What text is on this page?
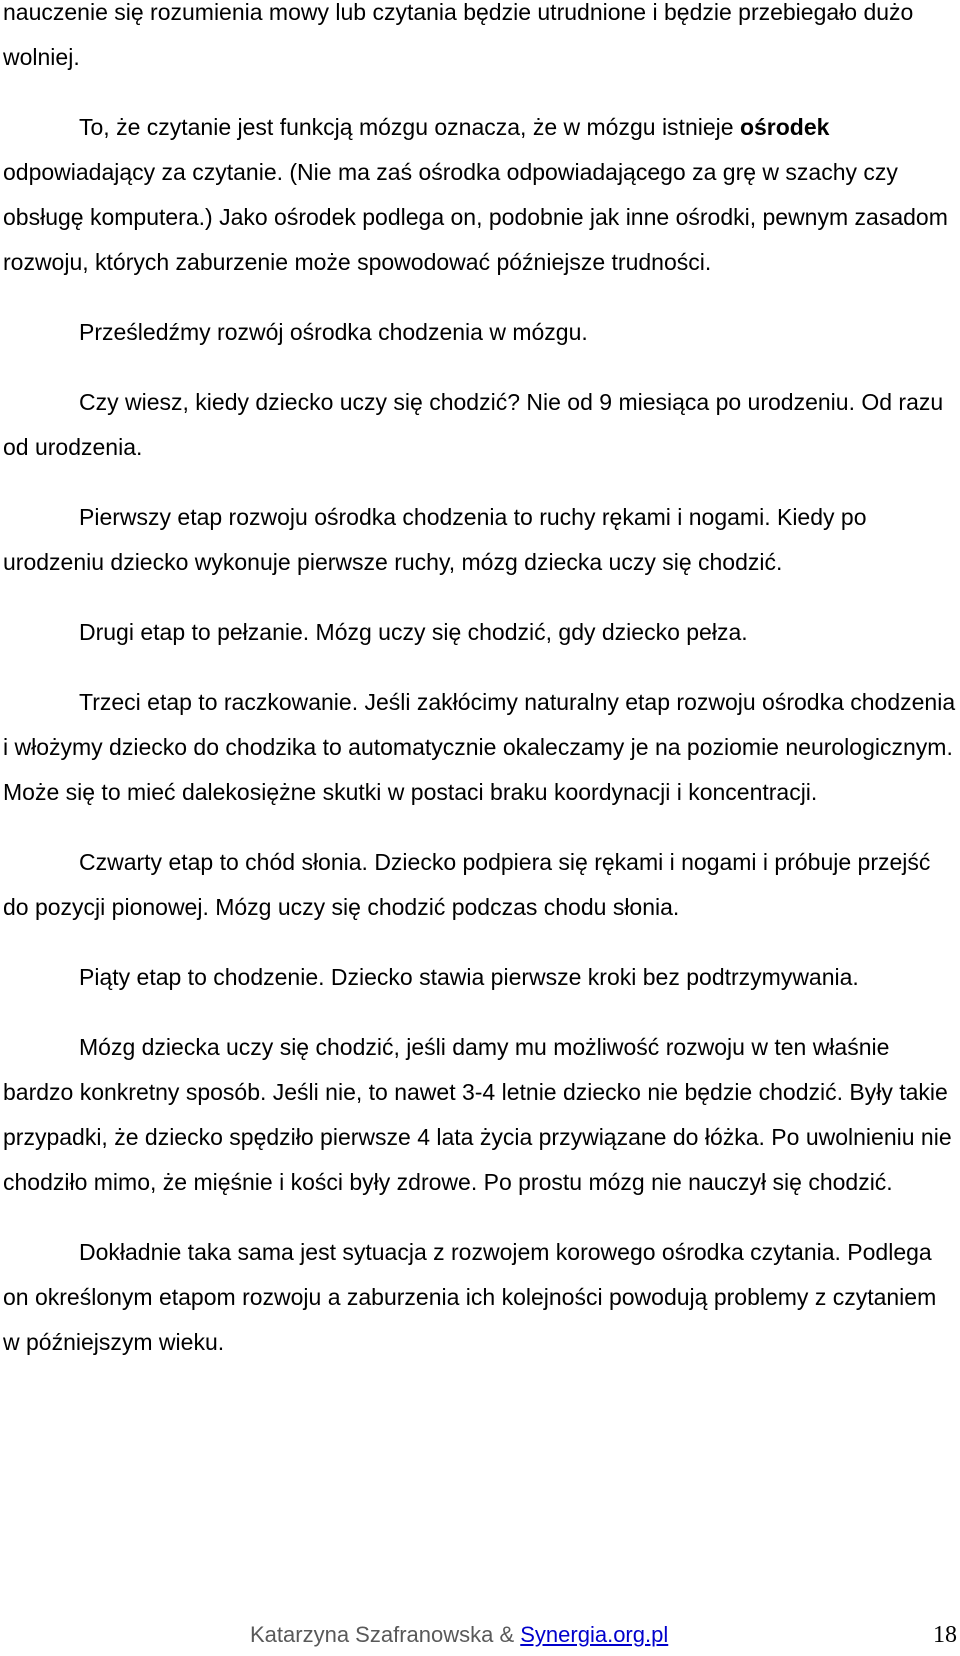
nauczenie się rozumienia mowy lub czytania będzie utrudnione i będzie przebiegało dużo wolniej.

To, że czytanie jest funkcją mózgu oznacza, że w mózgu istnieje ośrodek odpowiadający za czytanie. (Nie ma zaś ośrodka odpowiadającego za grę w szachy czy obsługę komputera.) Jako ośrodek podlega on, podobnie jak inne ośrodki, pewnym zasadom rozwoju, których zaburzenie może spowodować późniejsze trudności.

Prześledźmy rozwój ośrodka chodzenia w mózgu.

Czy wiesz, kiedy dziecko uczy się chodzić? Nie od 9 miesiąca po urodzeniu. Od razu od urodzenia.

Pierwszy etap rozwoju ośrodka chodzenia to ruchy rękami i nogami. Kiedy po urodzeniu dziecko wykonuje pierwsze ruchy, mózg dziecka uczy się chodzić.

Drugi etap to pełzanie. Mózg uczy się chodzić, gdy dziecko pełza.

Trzeci etap to raczkowanie. Jeśli zakłócimy naturalny etap rozwoju ośrodka chodzenia i włożymy dziecko do chodzika to automatycznie okaleczamy je na poziomie neurologicznym. Może się to mieć dalekosiężne skutki w postaci braku koordynacji i koncentracji.

Czwarty etap to chód słonia. Dziecko podpiera się rękami i nogami i próbuje przejść do pozycji pionowej. Mózg uczy się chodzić podczas chodu słonia.

Piąty etap to chodzenie. Dziecko stawia pierwsze kroki bez podtrzymywania.

Mózg dziecka uczy się chodzić, jeśli damy mu możliwość rozwoju w ten właśnie bardzo konkretny sposób. Jeśli nie, to nawet 3-4 letnie dziecko nie będzie chodzić. Były takie przypadki, że dziecko spędziło pierwsze 4 lata życia przywiązane do łóżka. Po uwolnieniu nie chodziło mimo, że mięśnie i kości były zdrowe. Po prostu mózg nie nauczył się chodzić.

Dokładnie taka sama jest sytuacja z rozwojem korowego ośrodka czytania. Podlega on określonym etapom rozwoju a zaburzenia ich kolejności powodują problemy z czytaniem w późniejszym wieku.

Katarzyna Szafranowska & Synergia.org.pl	18
